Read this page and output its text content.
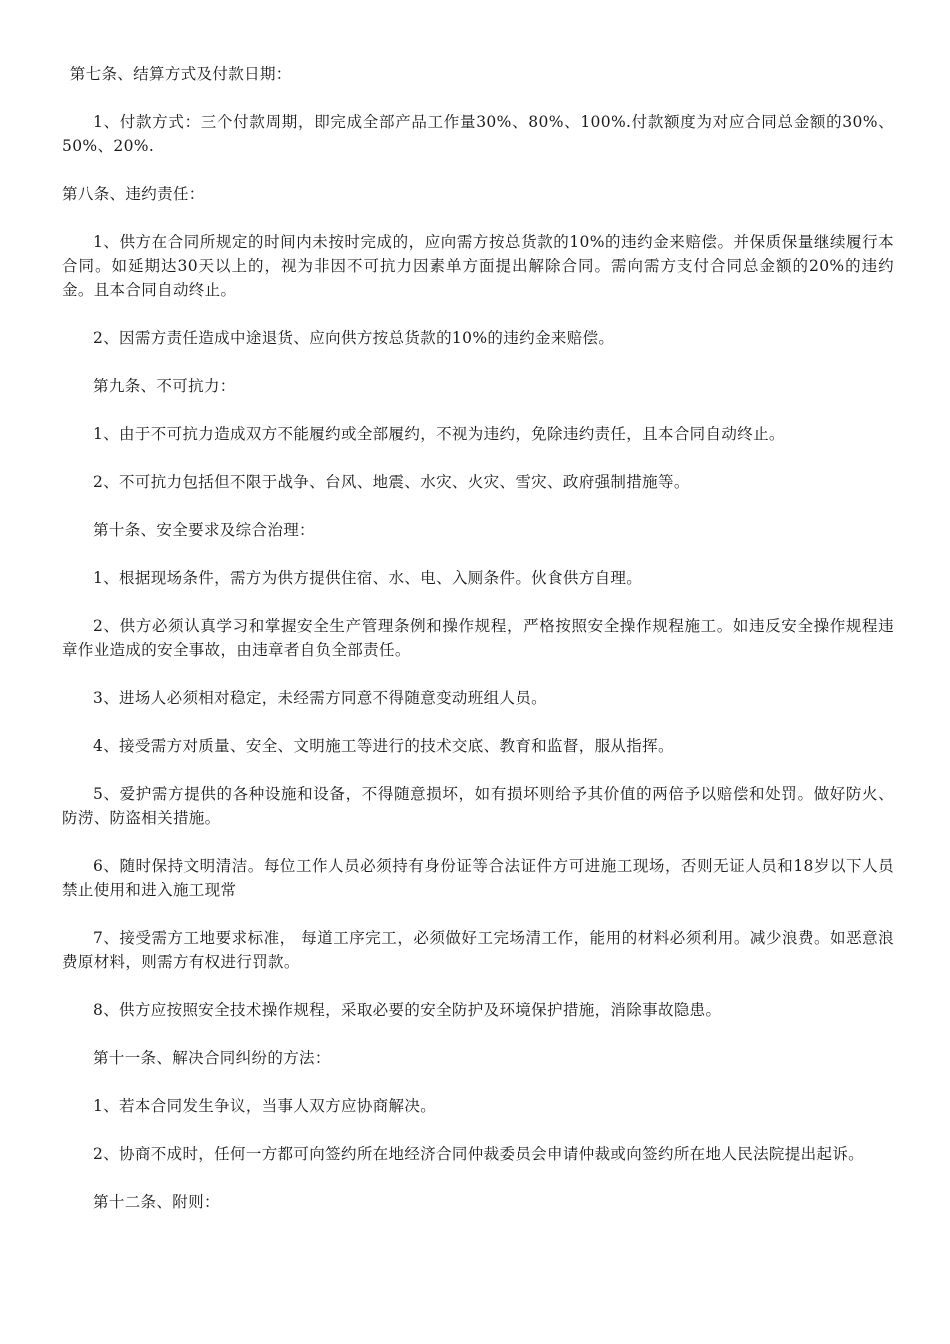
第七条、结算方式及付款日期：

1、付款方式：三个付款周期，即完成全部产品工作量30%、80%、100%.付款额度为对应合同总金额的30%、50%、20%.

第八条、违约责任：

1、供方在合同所规定的时间内未按时完成的，应向需方按总货款的10%的违约金来赔偿。并保质保量继续履行本合同。如延期达30天以上的，视为非因不可抗力因素单方面提出解除合同。需向需方支付合同总金额的20%的违约金。且本合同自动终止。

2、因需方责任造成中途退货、应向供方按总货款的10%的违约金来赔偿。

第九条、不可抗力：

1、由于不可抗力造成双方不能履约或全部履约，不视为违约，免除违约责任，且本合同自动终止。

2、不可抗力包括但不限于战争、台风、地震、水灾、火灾、雪灾、政府强制措施等。

第十条、安全要求及综合治理：

1、根据现场条件，需方为供方提供住宿、水、电、入厕条件。伙食供方自理。

2、供方必须认真学习和掌握安全生产管理条例和操作规程，严格按照安全操作规程施工。如违反安全操作规程违章作业造成的安全事故，由违章者自负全部责任。

3、进场人必须相对稳定，未经需方同意不得随意变动班组人员。

4、接受需方对质量、安全、文明施工等进行的技术交底、教育和监督，服从指挥。

5、爱护需方提供的各种设施和设备，不得随意损坏，如有损坏则给予其价值的两倍予以赔偿和处罚。做好防火、防涝、防盗相关措施。

6、随时保持文明清洁。每位工作人员必须持有身份证等合法证件方可进施工现场，否则无证人员和18岁以下人员禁止使用和进入施工现常

7、接受需方工地要求标准， 每道工序完工，必须做好工完场清工作，能用的材料必须利用。减少浪费。如恶意浪费原材料，则需方有权进行罚款。

8、供方应按照安全技术操作规程，采取必要的安全防护及环境保护措施，消除事故隐患。

第十一条、解决合同纠纷的方法：

1、若本合同发生争议，当事人双方应协商解决。

2、协商不成时，任何一方都可向签约所在地经济合同仲裁委员会申请仲裁或向签约所在地人民法院提出起诉。

第十二条、附则：
